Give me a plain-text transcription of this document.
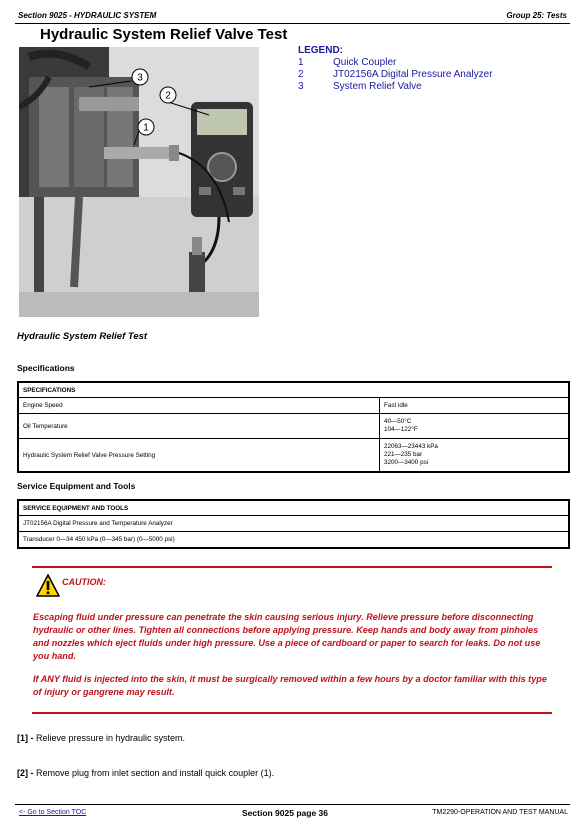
Section 9025 - HYDRAULIC SYSTEM	Group 25: Tests
Hydraulic System Relief Valve Test
3
2
1
LEGEND:
1	Quick Coupler
2	JT02156A Digital Pressure Analyzer
3	System Relief Valve
Hydraulic System Relief Test
Specifications
SPECIFICATIONS	
Engine Speed	Fast idle
Oil Temperature	40—50°C
104—122°F

Hydraulic System Relief Valve Pressure Setting	22063—23443 kPa
221—235 bar
3200—3400 psi
Service Equipment and Tools
SERVICE EQUIPMENT AND TOOLS
JT02156A Digital Pressure and Temperature Analyzer
Transducer 0—34 450 kPa (0—345 bar) (0—5000 psi)
CAUTION:
Escaping fluid under pressure can penetrate the skin causing serious injury. Relieve pressure before disconnecting hydraulic or other lines. Tighten all connections before applying pressure. Keep hands and body away from pinholes and nozzles which eject fluids under high pressure. Use a piece of cardboard or paper to search for leaks. Do not use you hand.
If ANY fluid is injected into the skin, it must be surgically removed within a few hours by a doctor familiar with this type of injury or gangrene may result.
[1] - Relieve pressure in hydraulic system.
[2] - Remove plug from inlet section and install quick coupler (1).
<- Go to Section TOC	Section 9025 page 36	TM2290-OPERATION AND TEST MANUAL
